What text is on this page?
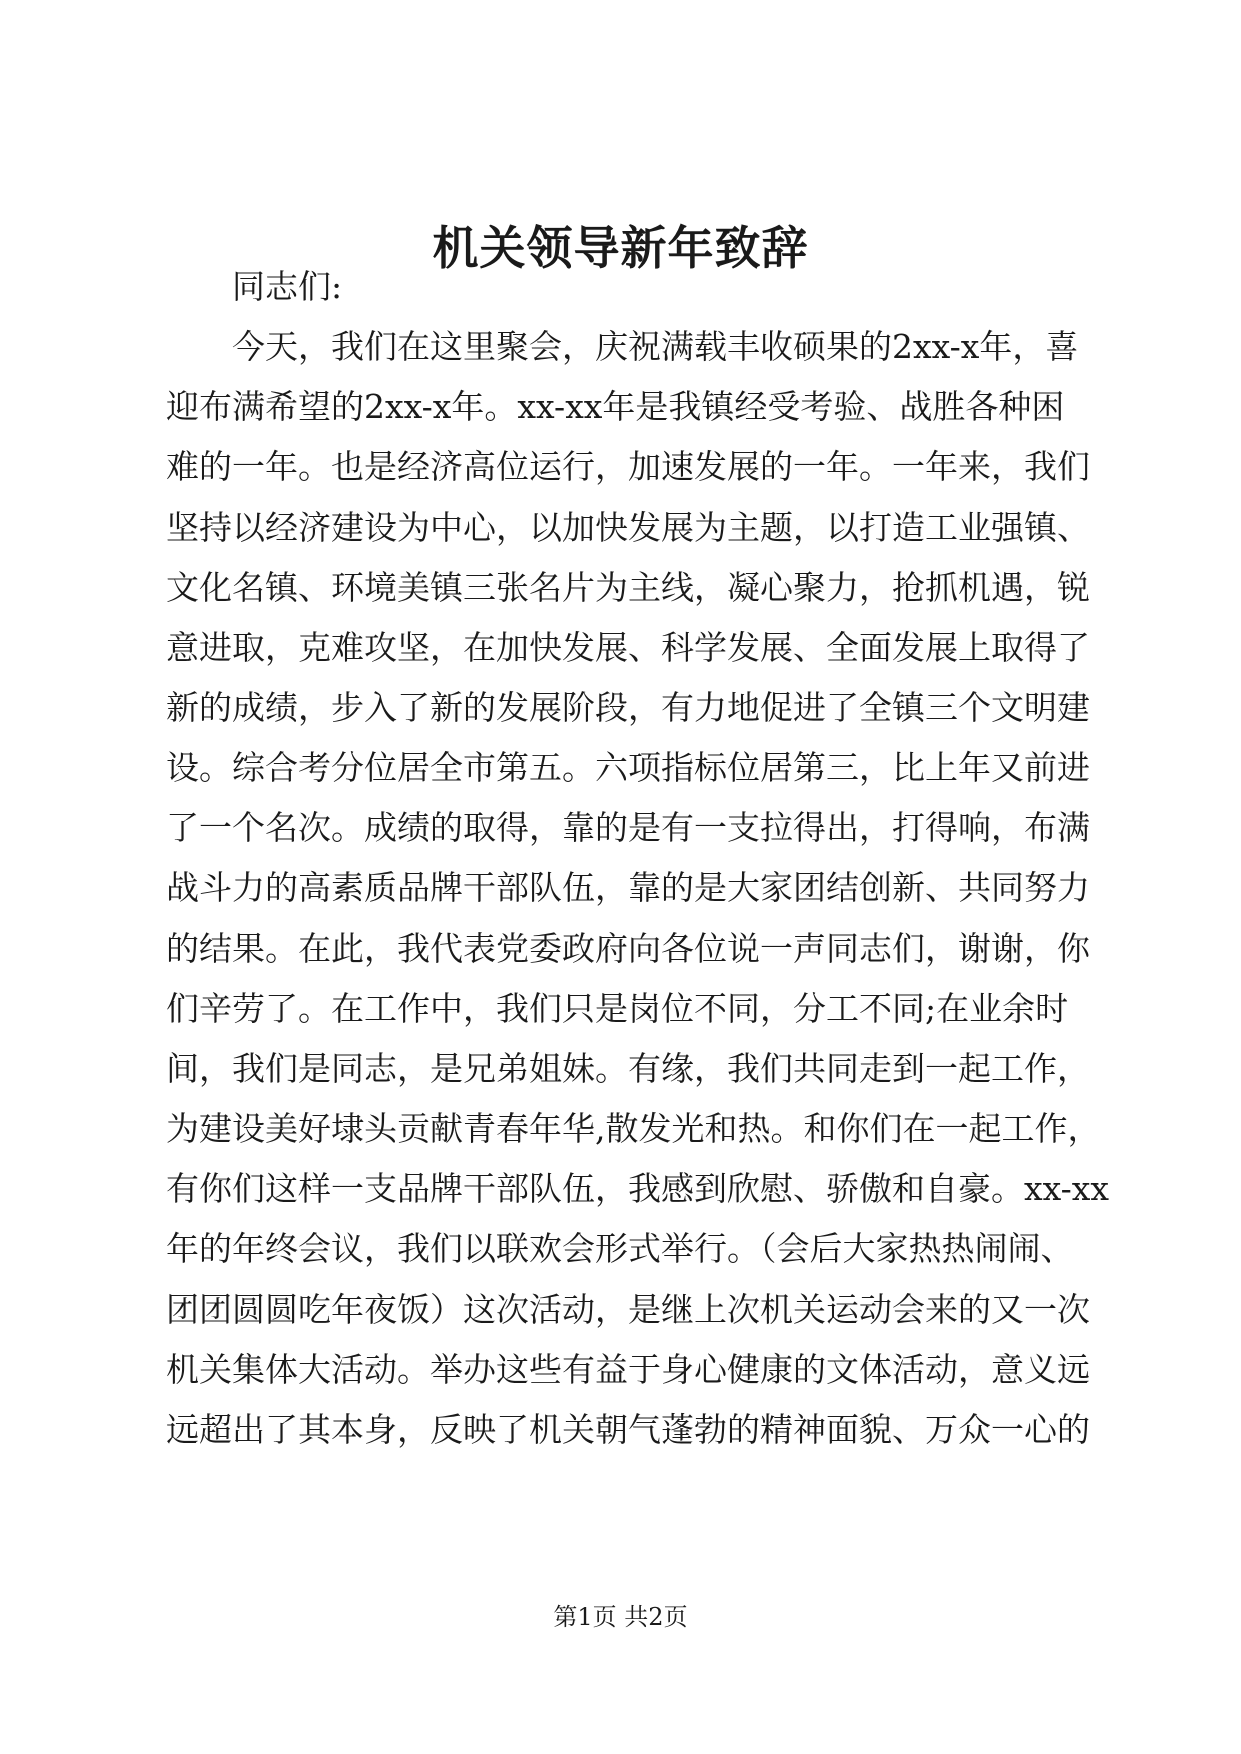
机关领导新年致辞
同志们:
今天，我们在这里聚会，庆祝满载丰收硕果的2xx-x年，喜
迎布满希望的2xx-x年。xx-xx年是我镇经受考验、战胜各种困
难的一年。也是经济高位运行，加速发展的一年。一年来，我们
坚持以经济建设为中心，以加快发展为主题，以打造工业强镇、
文化名镇、环境美镇三张名片为主线，凝心聚力，抢抓机遇，锐
意进取，克难攻坚，在加快发展、科学发展、全面发展上取得了
新的成绩，步入了新的发展阶段，有力地促进了全镇三个文明建
设。综合考分位居全市第五。六项指标位居第三，比上年又前进
了一个名次。成绩的取得，靠的是有一支拉得出，打得响，布满
战斗力的高素质品牌干部队伍，靠的是大家团结创新、共同努力
的结果。在此，我代表党委政府向各位说一声同志们，谢谢，你
们辛劳了。在工作中，我们只是岗位不同，分工不同;在业余时
间，我们是同志，是兄弟姐妹。有缘，我们共同走到一起工作，
为建设美好埭头贡献青春年华,散发光和热。和你们在一起工作，
有你们这样一支品牌干部队伍，我感到欣慰、骄傲和自豪。xx-xx
年的年终会议，我们以联欢会形式举行。（会后大家热热闹闹、
团团圆圆吃年夜饭）这次活动，是继上次机关运动会来的又一次
机关集体大活动。举办这些有益于身心健康的文体活动，意义远
远超出了其本身，反映了机关朝气蓬勃的精神面貌、万众一心的
第1页 共2页
